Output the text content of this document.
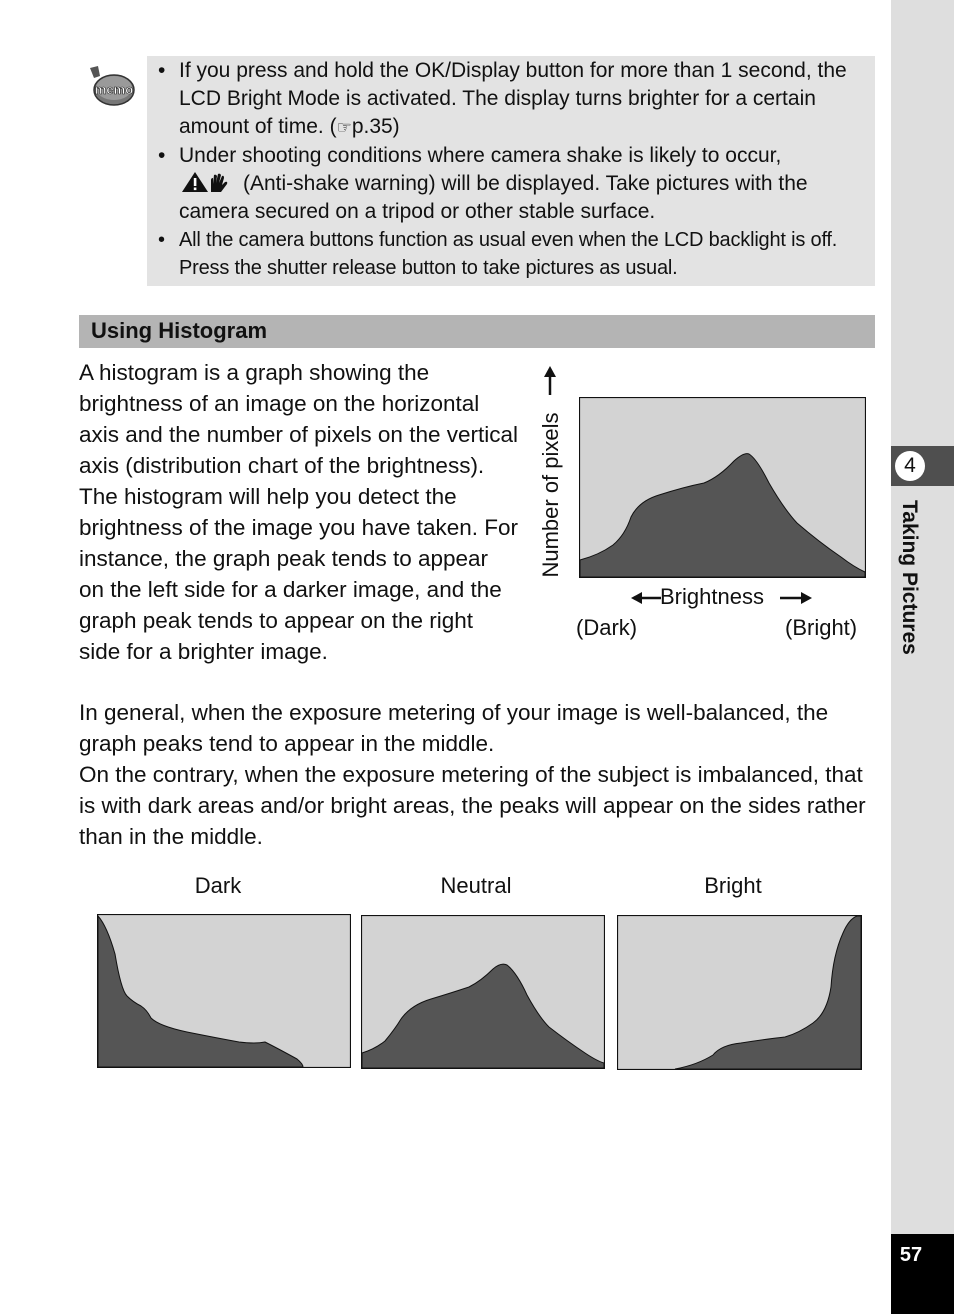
4
Taking Pictures
57
memo
• If you press and hold the OK/Display button for more than 1 second, the LCD Bright Mode is activated. The display turns brighter for a certain amount of time. (☞p.35)
• Under shooting conditions where camera shake is likely to occur,
(Anti-shake warning) will be displayed. Take pictures with the camera secured on a tripod or other stable surface.
• All the camera buttons function as usual even when the LCD backlight is off. Press the shutter release button to take pictures as usual.
Using Histogram

A histogram is a graph showing the brightness of an image on the horizontal axis and the number of pixels on the vertical axis (distribution chart of the brightness). The histogram will help you detect the brightness of the image you have taken. For instance, the graph peak tends to appear on the left side for a darker image, and the graph peak tends to appear on the right side for a brighter image.

In general, when the exposure metering of your image is well-balanced, the graph peaks tend to appear in the middle.

On the contrary, when the exposure metering of the subject is imbalanced, that is with dark areas and/or bright areas, the peaks will appear on the sides rather than in the middle.

Number of pixels
Brightness
(Dark)	(Bright)
Dark	Neutral	Bright
